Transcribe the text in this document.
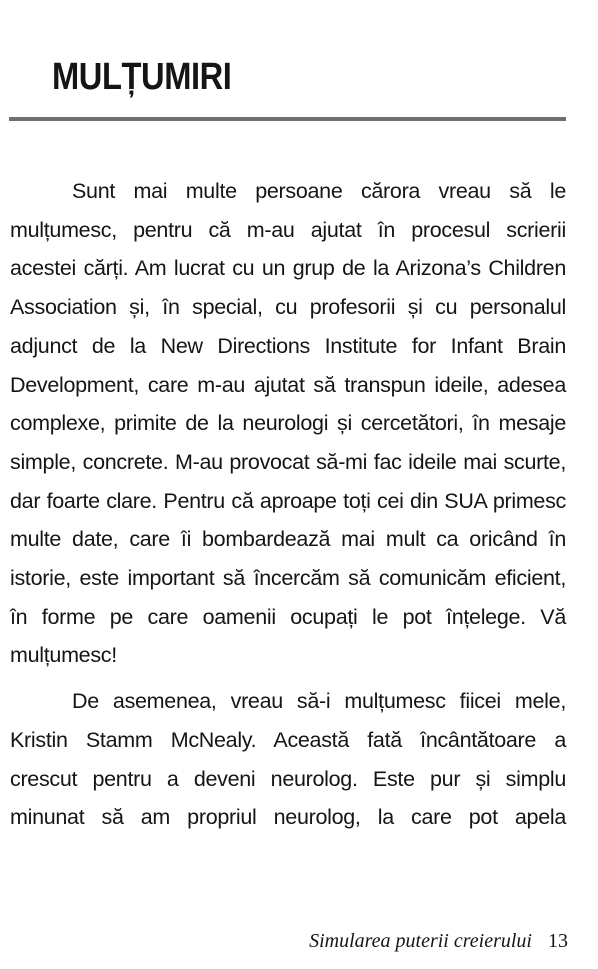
MULȚUMIRI

Sunt mai multe persoane cărora vreau să le mulțumesc, pentru că m-au ajutat în procesul scrierii acestei cărți. Am lucrat cu un grup de la Arizona’s Children Association și, în special, cu profesorii și cu personalul adjunct de la New Directions Institute for Infant Brain Development, care m-au ajutat să transpun ideile, adesea complexe, primite de la neurologi și cercetători, în mesaje simple, concrete. M-au provocat să-mi fac ideile mai scurte, dar foarte clare. Pentru că aproape toți cei din SUA primesc multe date, care îi bombardează mai mult ca oricând în istorie, este important să încercăm să comunicăm eficient, în forme pe care oamenii ocupați le pot înțelege. Vă mulțumesc!

De asemenea, vreau să-i mulțumesc fiicei mele, Kristin Stamm McNealy. Această fată încântătoare a crescut pentru a deveni neurolog. Este pur și simplu minunat să am propriul neurolog, la care pot apela

Simularea puterii creierului 13
